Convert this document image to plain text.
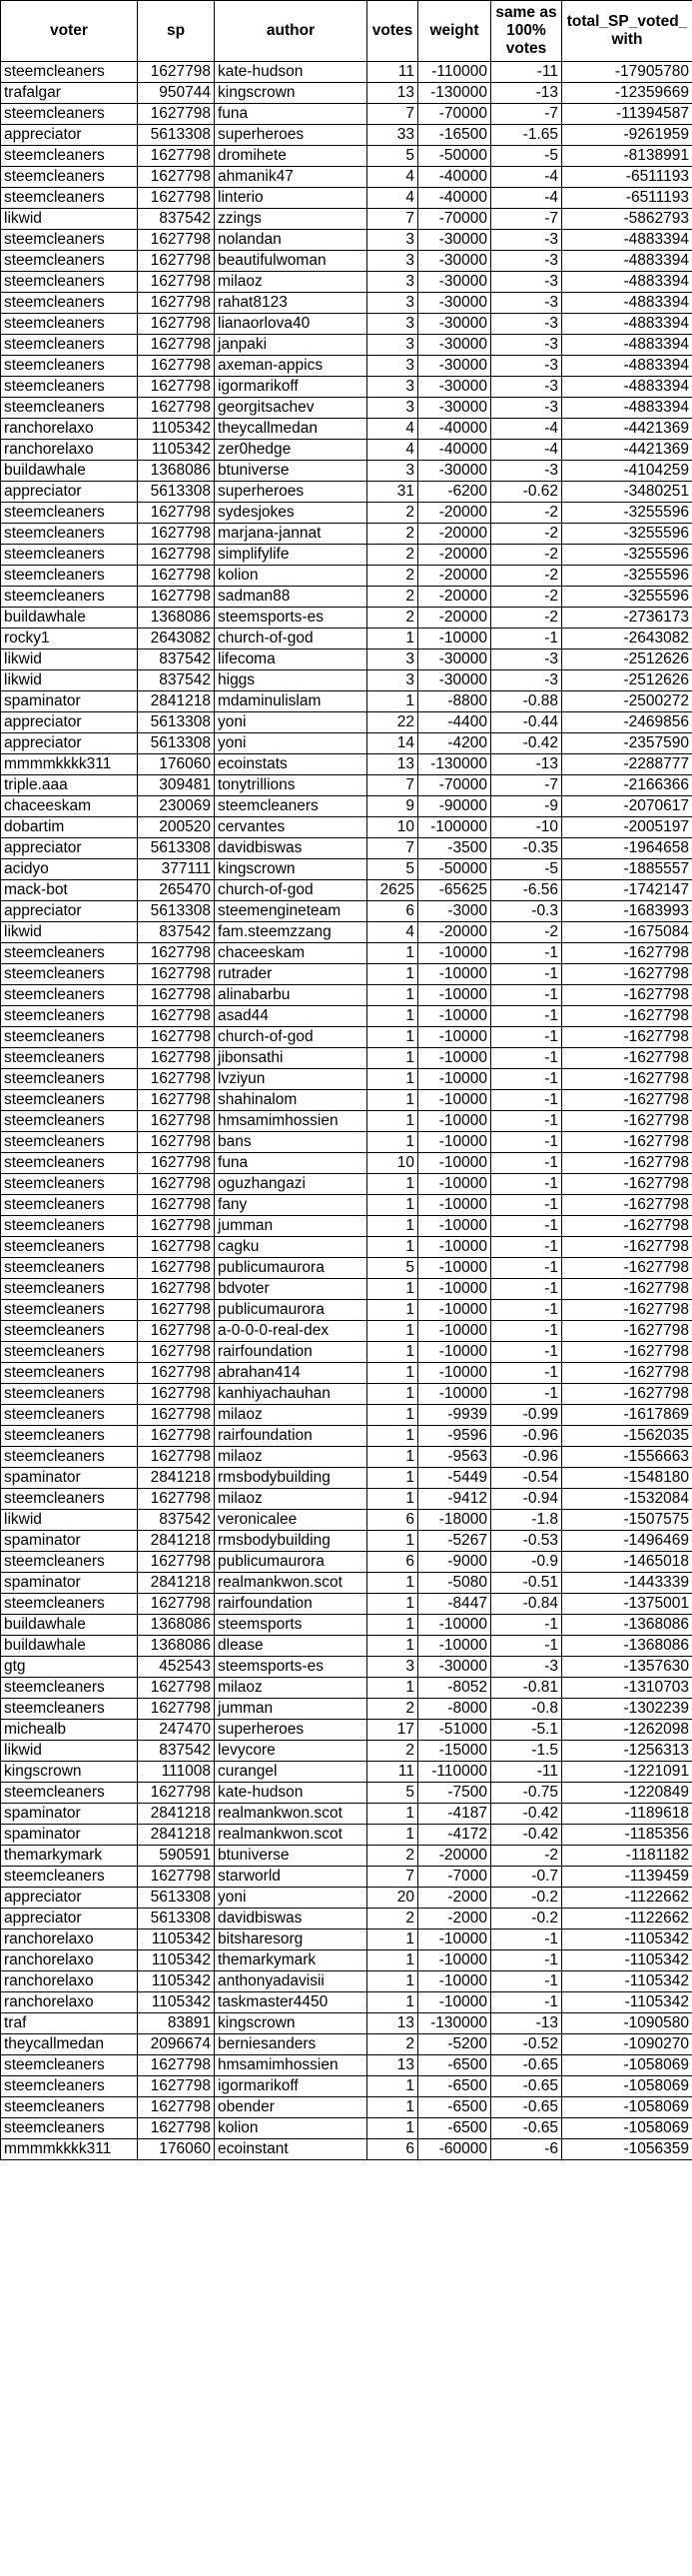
voter	sp	author	votes	weight	same as 100% votes	total_SP_voted_with
steemcleaners	1627798	kate-hudson	11	-110000	-11	-17905780
trafalgar	950744	kingscrown	13	-130000	-13	-12359669
steemcleaners	1627798	funa	7	-70000	-7	-11394587
appreciator	5613308	superheroes	33	-16500	-1.65	-9261959
steemcleaners	1627798	dromihete	5	-50000	-5	-8138991
steemcleaners	1627798	ahmanik47	4	-40000	-4	-6511193
steemcleaners	1627798	linterio	4	-40000	-4	-6511193
likwid	837542	zzings	7	-70000	-7	-5862793
steemcleaners	1627798	nolandan	3	-30000	-3	-4883394
steemcleaners	1627798	beautifulwoman	3	-30000	-3	-4883394
steemcleaners	1627798	milaoz	3	-30000	-3	-4883394
steemcleaners	1627798	rahat8123	3	-30000	-3	-4883394
steemcleaners	1627798	lianaorlova40	3	-30000	-3	-4883394
steemcleaners	1627798	janpaki	3	-30000	-3	-4883394
steemcleaners	1627798	axeman-appics	3	-30000	-3	-4883394
steemcleaners	1627798	igormarikoff	3	-30000	-3	-4883394
steemcleaners	1627798	georgitsachev	3	-30000	-3	-4883394
ranchorelaxo	1105342	theycallmedan	4	-40000	-4	-4421369
ranchorelaxo	1105342	zer0hedge	4	-40000	-4	-4421369
buildawhale	1368086	btuniverse	3	-30000	-3	-4104259
appreciator	5613308	superheroes	31	-6200	-0.62	-3480251
steemcleaners	1627798	sydesjokes	2	-20000	-2	-3255596
steemcleaners	1627798	marjana-jannat	2	-20000	-2	-3255596
steemcleaners	1627798	simplifylife	2	-20000	-2	-3255596
steemcleaners	1627798	kolion	2	-20000	-2	-3255596
steemcleaners	1627798	sadman88	2	-20000	-2	-3255596
buildawhale	1368086	steemsports-es	2	-20000	-2	-2736173
rocky1	2643082	church-of-god	1	-10000	-1	-2643082
likwid	837542	lifecoma	3	-30000	-3	-2512626
likwid	837542	higgs	3	-30000	-3	-2512626
spaminator	2841218	mdaminulislam	1	-8800	-0.88	-2500272
appreciator	5613308	yoni	22	-4400	-0.44	-2469856
appreciator	5613308	yoni	14	-4200	-0.42	-2357590
mmmmkkkk311	176060	ecoinstats	13	-130000	-13	-2288777
triple.aaa	309481	tonytrillions	7	-70000	-7	-2166366
chaceeskam	230069	steemcleaners	9	-90000	-9	-2070617
dobartim	200520	cervantes	10	-100000	-10	-2005197
appreciator	5613308	davidbiswas	7	-3500	-0.35	-1964658
acidyo	377111	kingscrown	5	-50000	-5	-1885557
mack-bot	265470	church-of-god	2625	-65625	-6.56	-1742147
appreciator	5613308	steemengineteam	6	-3000	-0.3	-1683993
likwid	837542	fam.steemzzang	4	-20000	-2	-1675084
steemcleaners	1627798	chaceeskam	1	-10000	-1	-1627798
steemcleaners	1627798	rutrader	1	-10000	-1	-1627798
steemcleaners	1627798	alinabarbu	1	-10000	-1	-1627798
steemcleaners	1627798	asad44	1	-10000	-1	-1627798
steemcleaners	1627798	church-of-god	1	-10000	-1	-1627798
steemcleaners	1627798	jibonsathi	1	-10000	-1	-1627798
steemcleaners	1627798	lvziyun	1	-10000	-1	-1627798
steemcleaners	1627798	shahinalom	1	-10000	-1	-1627798
steemcleaners	1627798	hmsamimhossien	1	-10000	-1	-1627798
steemcleaners	1627798	bans	1	-10000	-1	-1627798
steemcleaners	1627798	funa	10	-10000	-1	-1627798
steemcleaners	1627798	oguzhangazi	1	-10000	-1	-1627798
steemcleaners	1627798	fany	1	-10000	-1	-1627798
steemcleaners	1627798	jumman	1	-10000	-1	-1627798
steemcleaners	1627798	cagku	1	-10000	-1	-1627798
steemcleaners	1627798	publicumaurora	5	-10000	-1	-1627798
steemcleaners	1627798	bdvoter	1	-10000	-1	-1627798
steemcleaners	1627798	publicumaurora	1	-10000	-1	-1627798
steemcleaners	1627798	a-0-0-0-real-dex	1	-10000	-1	-1627798
steemcleaners	1627798	rairfoundation	1	-10000	-1	-1627798
steemcleaners	1627798	abrahan414	1	-10000	-1	-1627798
steemcleaners	1627798	kanhiyachauhan	1	-10000	-1	-1627798
steemcleaners	1627798	milaoz	1	-9939	-0.99	-1617869
steemcleaners	1627798	rairfoundation	1	-9596	-0.96	-1562035
steemcleaners	1627798	milaoz	1	-9563	-0.96	-1556663
spaminator	2841218	rmsbodybuilding	1	-5449	-0.54	-1548180
steemcleaners	1627798	milaoz	1	-9412	-0.94	-1532084
likwid	837542	veronicalee	6	-18000	-1.8	-1507575
spaminator	2841218	rmsbodybuilding	1	-5267	-0.53	-1496469
steemcleaners	1627798	publicumaurora	6	-9000	-0.9	-1465018
spaminator	2841218	realmankwon.scot	1	-5080	-0.51	-1443339
steemcleaners	1627798	rairfoundation	1	-8447	-0.84	-1375001
buildawhale	1368086	steemsports	1	-10000	-1	-1368086
buildawhale	1368086	dlease	1	-10000	-1	-1368086
gtg	452543	steemsports-es	3	-30000	-3	-1357630
steemcleaners	1627798	milaoz	1	-8052	-0.81	-1310703
steemcleaners	1627798	jumman	2	-8000	-0.8	-1302239
michealb	247470	superheroes	17	-51000	-5.1	-1262098
likwid	837542	levycore	2	-15000	-1.5	-1256313
kingscrown	111008	curangel	11	-110000	-11	-1221091
steemcleaners	1627798	kate-hudson	5	-7500	-0.75	-1220849
spaminator	2841218	realmankwon.scot	1	-4187	-0.42	-1189618
spaminator	2841218	realmankwon.scot	1	-4172	-0.42	-1185356
themarkymark	590591	btuniverse	2	-20000	-2	-1181182
steemcleaners	1627798	starworld	7	-7000	-0.7	-1139459
appreciator	5613308	yoni	20	-2000	-0.2	-1122662
appreciator	5613308	davidbiswas	2	-2000	-0.2	-1122662
ranchorelaxo	1105342	bitsharesorg	1	-10000	-1	-1105342
ranchorelaxo	1105342	themarkymark	1	-10000	-1	-1105342
ranchorelaxo	1105342	anthonyadavisii	1	-10000	-1	-1105342
ranchorelaxo	1105342	taskmaster4450	1	-10000	-1	-1105342
traf	83891	kingscrown	13	-130000	-13	-1090580
theycallmedan	2096674	berniesanders	2	-5200	-0.52	-1090270
steemcleaners	1627798	hmsamimhossien	13	-6500	-0.65	-1058069
steemcleaners	1627798	igormarikoff	1	-6500	-0.65	-1058069
steemcleaners	1627798	obender	1	-6500	-0.65	-1058069
steemcleaners	1627798	kolion	1	-6500	-0.65	-1058069
mmmmkkkk311	176060	ecoinstant	6	-60000	-6	-1056359
